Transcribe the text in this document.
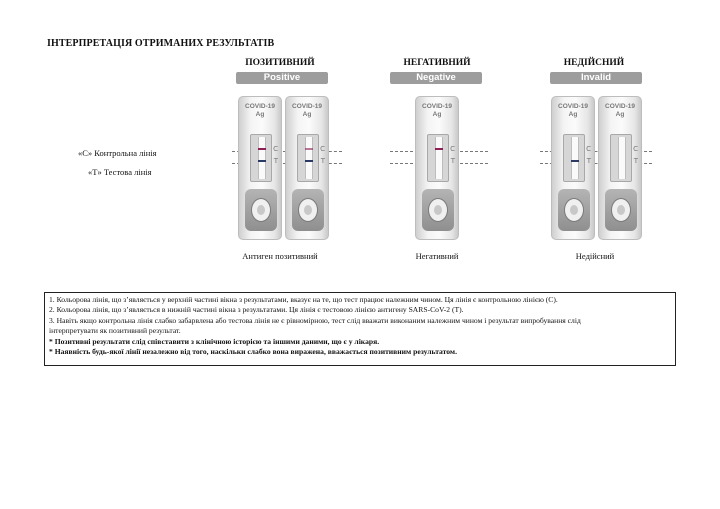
ІНТЕРПРЕТАЦІЯ ОТРИМАНИХ РЕЗУЛЬТАТІВ
ПОЗИТИВНИЙ
Positive
НЕГАТИВНИЙ
Negative
НЕДІЙСНИЙ
Invalid
«C» Контрольна лінія
«T» Тестова лінія
COVID-19
Ag
C
T
COVID-19
Ag
C
T
COVID-19
Ag
C
T
COVID-19
Ag
C
T
COVID-19
Ag
C
T
Антиген позитивний	Негативний	Недійсний
1. Кольорова лінія, що з’являється у верхній частині вікна з результатами, вказує на те, що тест працює належним чином. Ця лінія є контрольною лінією (C).
2. Кольорова лінія, що з’являється в нижній частині вікна з результатами. Ця лінія є тестовою лінією антигену SARS-CoV-2 (T).
3. Навіть якщо контрольна лінія слабко забарвлена або тестова лінія не є рівномірною, тест слід вважати виконаним належним чином і результат випробування слід
інтерпретувати як позитивний результат.
* Позитивні результати слід співставити з клінічною історією та іншими даними, що є у лікаря.
* Наявність будь-якої лінії незалежно від того, наскільки слабко вона виражена, вважається позитивним результатом.
